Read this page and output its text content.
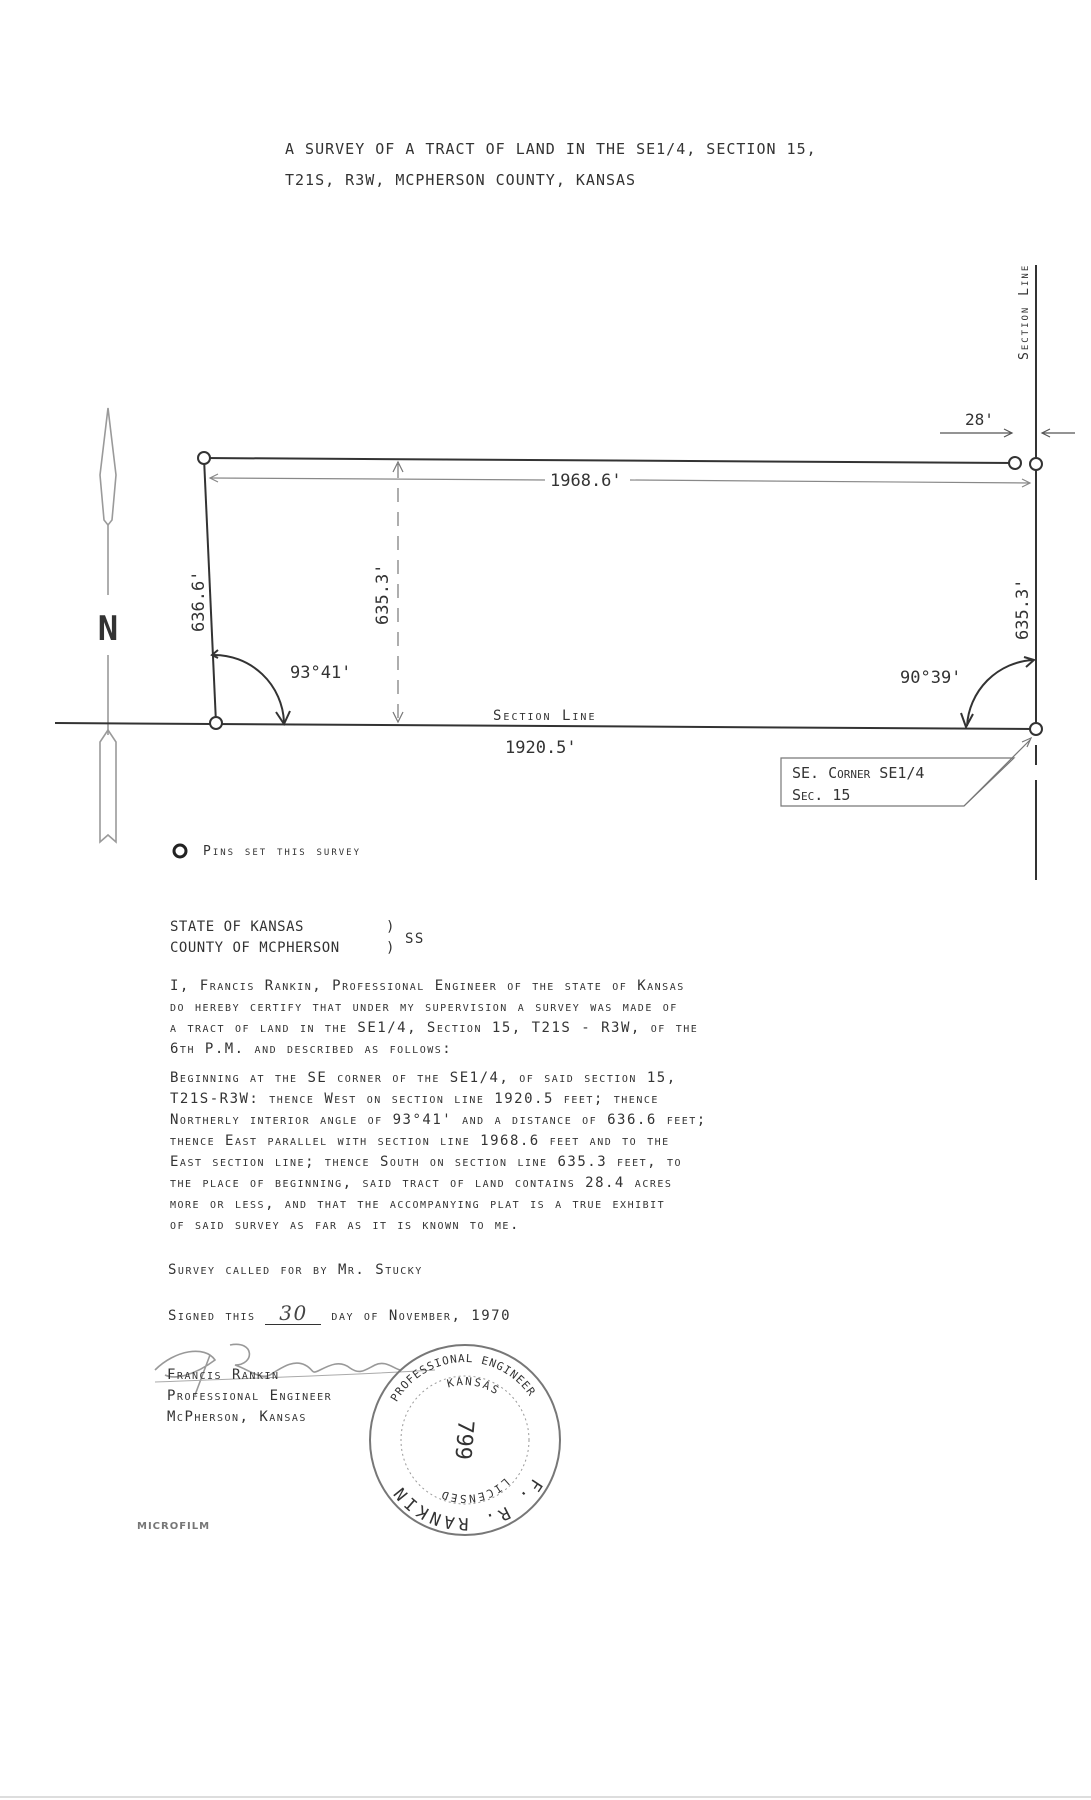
A SURVEY OF A TRACT OF LAND IN THE SE1/4, SECTION 15,
T21S, R3W, MCPHERSON COUNTY, KANSAS
N
Section Line
28'
1968.6'
635.3'
636.6'	635.3'
93°41'	90°39'
Section Line
1920.5'
SE. Corner SE1/4
Sec. 15
Pins set this survey
STATE OF KANSAS
COUNTY OF MCPHERSON
)
)
SS
I, Francis Rankin, Professional Engineer of the state of Kansas
do hereby certify that under my supervision a survey was made of
a tract of land in the SE1/4, Section 15, T21S - R3W, of the
6th P.M. and described as follows:
Beginning at the SE corner of the SE1/4, of said section 15,
T21S-R3W: thence West on section line 1920.5 feet; thence
Northerly interior angle of 93°41' and a distance of 636.6 feet;
thence East parallel with section line 1968.6 feet and to the
East section line; thence South on section line 635.3 feet, to
the place of beginning, said tract of land contains 28.4 acres
more or less, and that the accompanying plat is a true exhibit
of said survey as far as it is known to me.
Survey called for by Mr. Stucky
Signed this 30 day of November, 1970
Francis Rankin
Professional Engineer
McPherson, Kansas
F. R. RANKIN
PROFESSIONAL ENGINEER
LICENSED
KANSAS
799
MICROFILM
